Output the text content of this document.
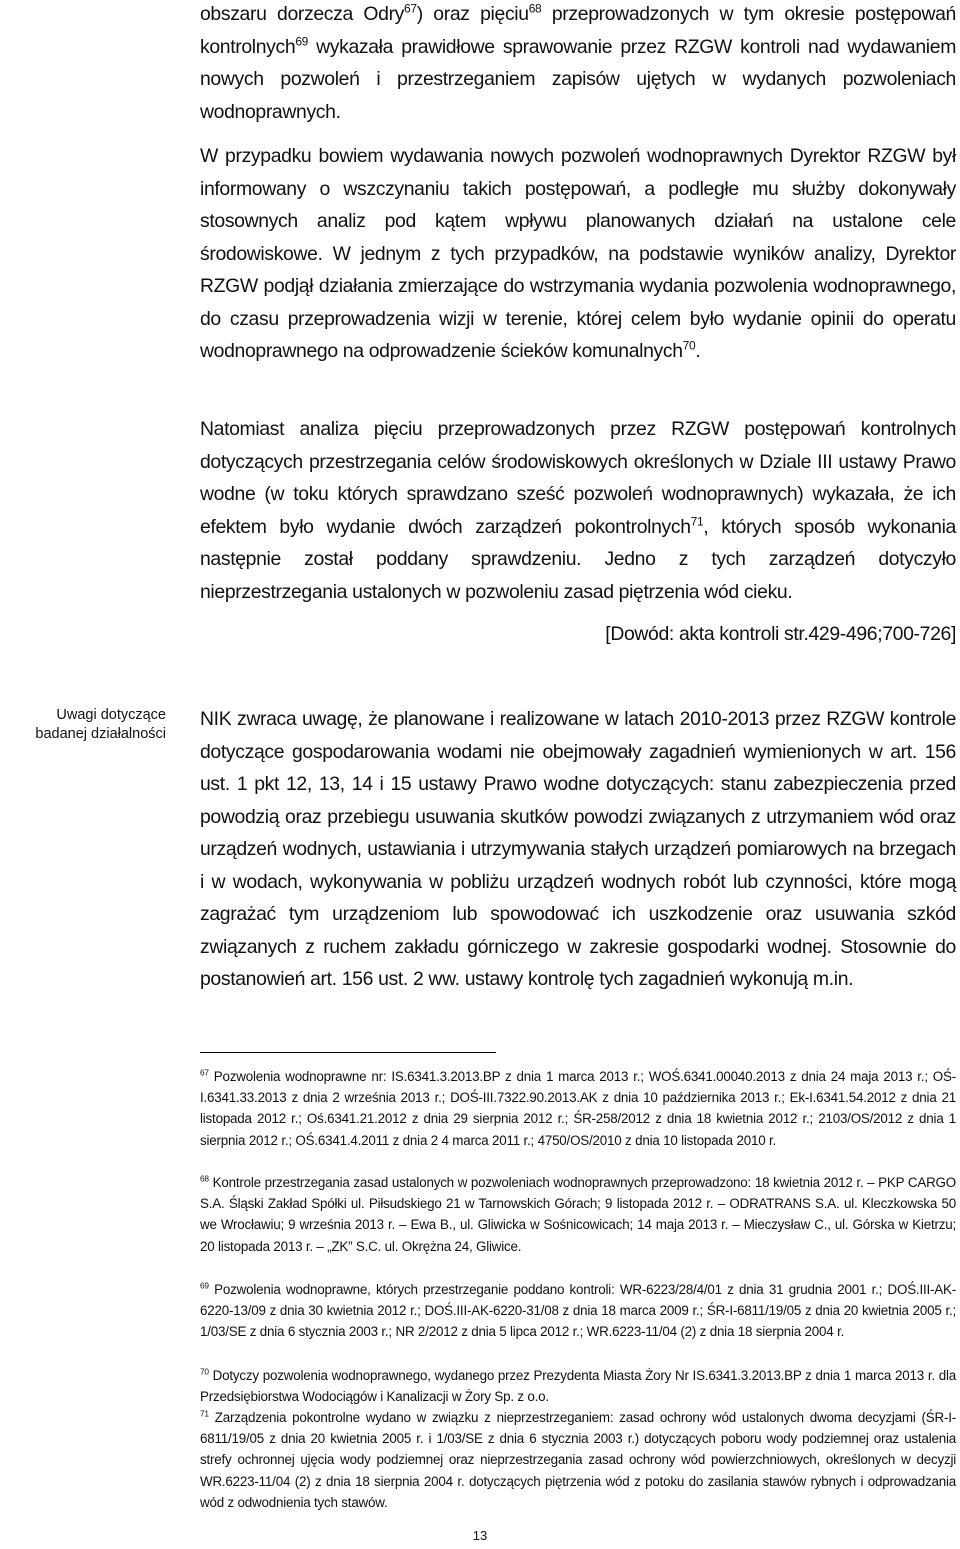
obszaru dorzecza Odry$^{67}$) oraz pięciu$^{68}$ przeprowadzonych w tym okresie postępowań kontrolnych$^{69}$ wykazała prawidłowe sprawowanie przez RZGW kontroli nad wydawaniem nowych pozwoleń i przestrzeganiem zapisów ujętych w wydanych pozwoleniach wodnoprawnych.

W przypadku bowiem wydawania nowych pozwoleń wodnoprawnych Dyrektor RZGW był informowany o wszczynaniu takich postępowań, a podległe mu służby dokonywały stosownych analiz pod kątem wpływu planowanych działań na ustalone cele środowiskowe. W jednym z tych przypadków, na podstawie wyników analizy, Dyrektor RZGW podjął działania zmierzające do wstrzymania wydania pozwolenia wodnoprawnego, do czasu przeprowadzenia wizji w terenie, której celem było wydanie opinii do operatu wodnoprawnego na odprowadzenie ścieków komunalnych$^{70}$.

Natomiast analiza pięciu przeprowadzonych przez RZGW postępowań kontrolnych dotyczących przestrzegania celów środowiskowych określonych w Dziale III ustawy Prawo wodne (w toku których sprawdzano sześć pozwoleń wodnoprawnych) wykazała, że ich efektem było wydanie dwóch zarządzeń pokontrolnych$^{71}$, których sposób wykonania następnie został poddany sprawdzeniu. Jedno z tych zarządzeń dotyczyło nieprzestrzegania ustalonych w pozwoleniu zasad piętrzenia wód cieku.

[Dowód: akta kontroli str.429-496;700-726]

Uwagi dotyczące
badanej działalności

NIK zwraca uwagę, że planowane i realizowane w latach 2010-2013 przez RZGW kontrole dotyczące gospodarowania wodami nie obejmowały zagadnień wymienionych w art. 156 ust. 1 pkt 12, 13, 14 i 15 ustawy Prawo wodne dotyczących: stanu zabezpieczenia przed powodzią oraz przebiegu usuwania skutków powodzi związanych z utrzymaniem wód oraz urządzeń wodnych, ustawiania i utrzymywania stałych urządzeń pomiarowych na brzegach i w wodach, wykonywania w pobliżu urządzeń wodnych robót lub czynności, które mogą zagrażać tym urządzeniom lub spowodować ich uszkodzenie oraz usuwania szkód związanych z ruchem zakładu górniczego w zakresie gospodarki wodnej. Stosownie do postanowień art. 156 ust. 2 ww. ustawy kontrolę tych zagadnień wykonują m.in.

$^{67}$ Pozwolenia wodnoprawne nr: IS.6341.3.2013.BP z dnia 1 marca 2013 r.; WOŚ.6341.00040.2013 z dnia 24 maja 2013 r.; OŚ-I.6341.33.2013 z dnia 2 września 2013 r.; DOŚ-III.7322.90.2013.AK z dnia 10 października 2013 r.; Ek-I.6341.54.2012 z dnia 21 listopada 2012 r.; Oś.6341.21.2012 z dnia 29 sierpnia 2012 r.; ŚR-258/2012 z dnia 18 kwietnia 2012 r.; 2103/OS/2012 z dnia 1 sierpnia 2012 r.; OŚ.6341.4.2011 z dnia 2 4 marca 2011 r.; 4750/OS/2010 z dnia 10 listopada 2010 r.

$^{68}$ Kontrole przestrzegania zasad ustalonych w pozwoleniach wodnoprawnych przeprowadzono: 18 kwietnia 2012 r. – PKP CARGO S.A. Śląski Zakład Spółki ul. Piłsudskiego 21 w Tarnowskich Górach; 9 listopada 2012 r. – ODRATRANS S.A. ul. Kleczkowska 50 we Wrocławiu; 9 września 2013 r. – Ewa B., ul. Gliwicka w Sośnicowicach; 14 maja 2013 r. – Mieczysław C., ul. Górska w Kietrzu; 20 listopada 2013 r. – „ZK” S.C. ul. Okrężna 24, Gliwice.

$^{69}$ Pozwolenia wodnoprawne, których przestrzeganie poddano kontroli: WR-6223/28/4/01 z dnia 31 grudnia 2001 r.; DOŚ.III-AK-6220-13/09 z dnia 30 kwietnia 2012 r.; DOŚ.III-AK-6220-31/08 z dnia 18 marca 2009 r.; ŚR-I-6811/19/05 z dnia 20 kwietnia 2005 r.; 1/03/SE z dnia 6 stycznia 2003 r.; NR 2/2012 z dnia 5 lipca 2012 r.; WR.6223-11/04 (2) z dnia 18 sierpnia 2004 r.

$^{70}$ Dotyczy pozwolenia wodnoprawnego, wydanego przez Prezydenta Miasta Żory Nr IS.6341.3.2013.BP z dnia 1 marca 2013 r. dla Przedsiębiorstwa Wodociągów i Kanalizacji w Żory Sp. z o.o.

$^{71}$ Zarządzenia pokontrolne wydano w związku z nieprzestrzeganiem: zasad ochrony wód ustalonych dwoma decyzjami (ŚR-I-6811/19/05 z dnia 20 kwietnia 2005 r. i 1/03/SE z dnia 6 stycznia 2003 r.) dotyczących poboru wody podziemnej oraz ustalenia strefy ochronnej ujęcia wody podziemnej oraz nieprzestrzegania zasad ochrony wód powierzchniowych, określonych w decyzji WR.6223-11/04 (2) z dnia 18 sierpnia 2004 r. dotyczących piętrzenia wód z potoku do zasilania stawów rybnych i odprowadzania wód z odwodnienia tych stawów.

13
